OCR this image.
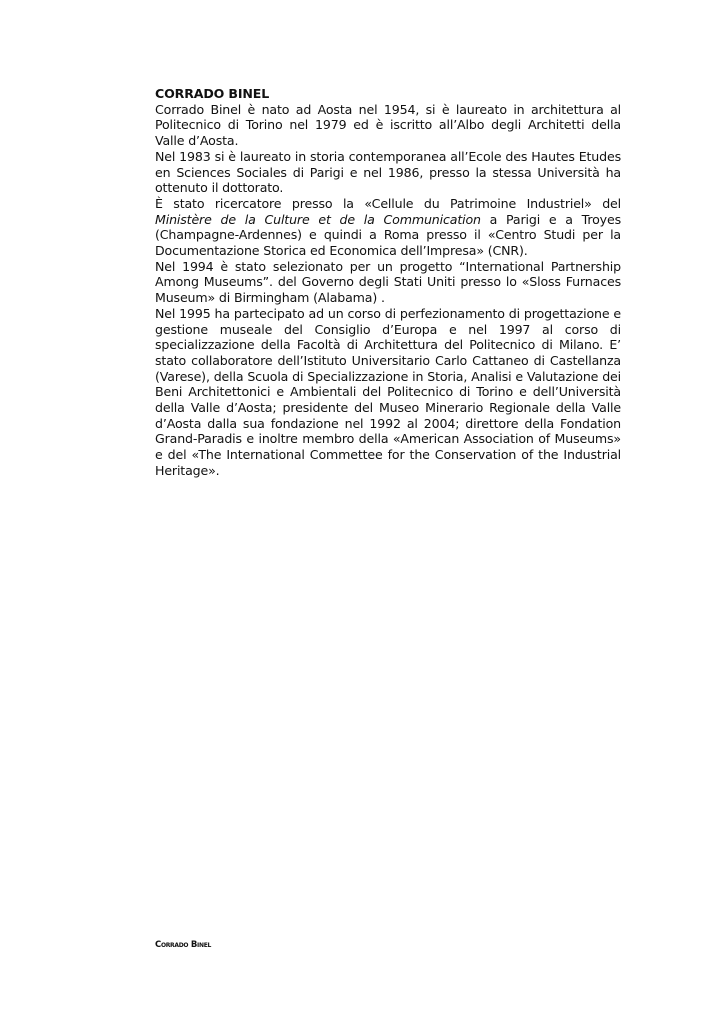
CORRADO BINEL

Corrado Binel è nato ad Aosta nel 1954, si è laureato in architettura al Politecnico di Torino nel 1979 ed è iscritto all’Albo degli Architetti della Valle d’Aosta.

Nel 1983 si è laureato in storia contemporanea all’Ecole des Hautes Etudes en Sciences Sociales di Parigi e nel 1986, presso la stessa Università ha ottenuto il dottorato.

È stato ricercatore presso la «Cellule du Patrimoine Industriel» del Ministère de la Culture et de la Communication a Parigi e a Troyes (Champagne-Ardennes) e quindi a Roma presso il «Centro Studi per la Documentazione Storica ed Economica dell’Impresa» (CNR).

Nel 1994 è stato selezionato per un progetto “International Partnership Among Museums”. del Governo degli Stati Uniti presso lo «Sloss Furnaces Museum» di Birmingham (Alabama) .

Nel 1995 ha partecipato ad un corso di perfezionamento di progettazione e gestione museale del Consiglio d’Europa e nel 1997 al corso di specializzazione della Facoltà di Architettura del Politecnico di Milano. E’ stato collaboratore dell’Istituto Universitario Carlo Cattaneo di Castellanza (Varese), della Scuola di Specializzazione in Storia, Analisi e Valutazione dei Beni Architettonici e Ambientali del Politecnico di Torino e dell’Università della Valle d’Aosta; presidente del Museo Minerario Regionale della Valle d’Aosta dalla sua fondazione nel 1992 al 2004; direttore della Fondation Grand-Paradis e inoltre membro della «American Association of Museums» e del «The International Commettee for the Conservation of the Industrial Heritage».

Corrado Binel
